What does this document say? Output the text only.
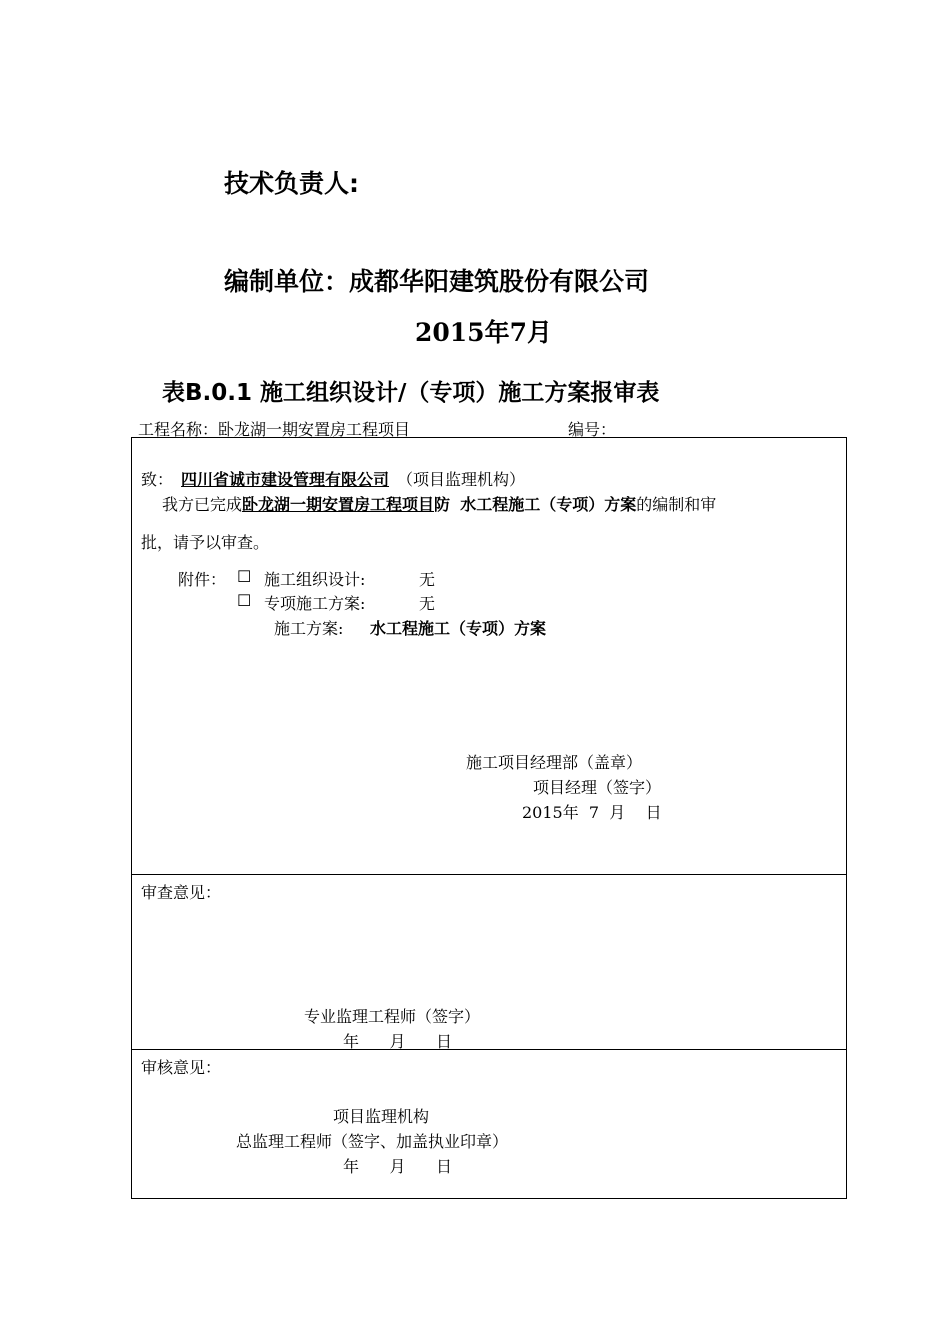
技术负责人:
编制单位：成都华阳建筑股份有限公司
2015年7月
表B.0.1 施工组织设计/（专项）施工方案报审表
工程名称：卧龙湖一期安置房工程项目	编号：
致： 四川省诚市建设管理有限公司 （项目监理机构）
我方已完成卧龙湖一期安置房工程项目防 水工程施工（专项）方案的编制和审
批，请予以审查。
附件： ☐ 施工组织设计:	无
☐ 专项施工方案:	无
施工方案: 水工程施工（专项）方案
施工项目经理部（盖章）
项目经理（签字）
2015年  7  月    日
审查意见：
专业监理工程师（签字）
年      月      日
审核意见：
项目监理机构
总监理工程师（签字、加盖执业印章）
年      月      日
